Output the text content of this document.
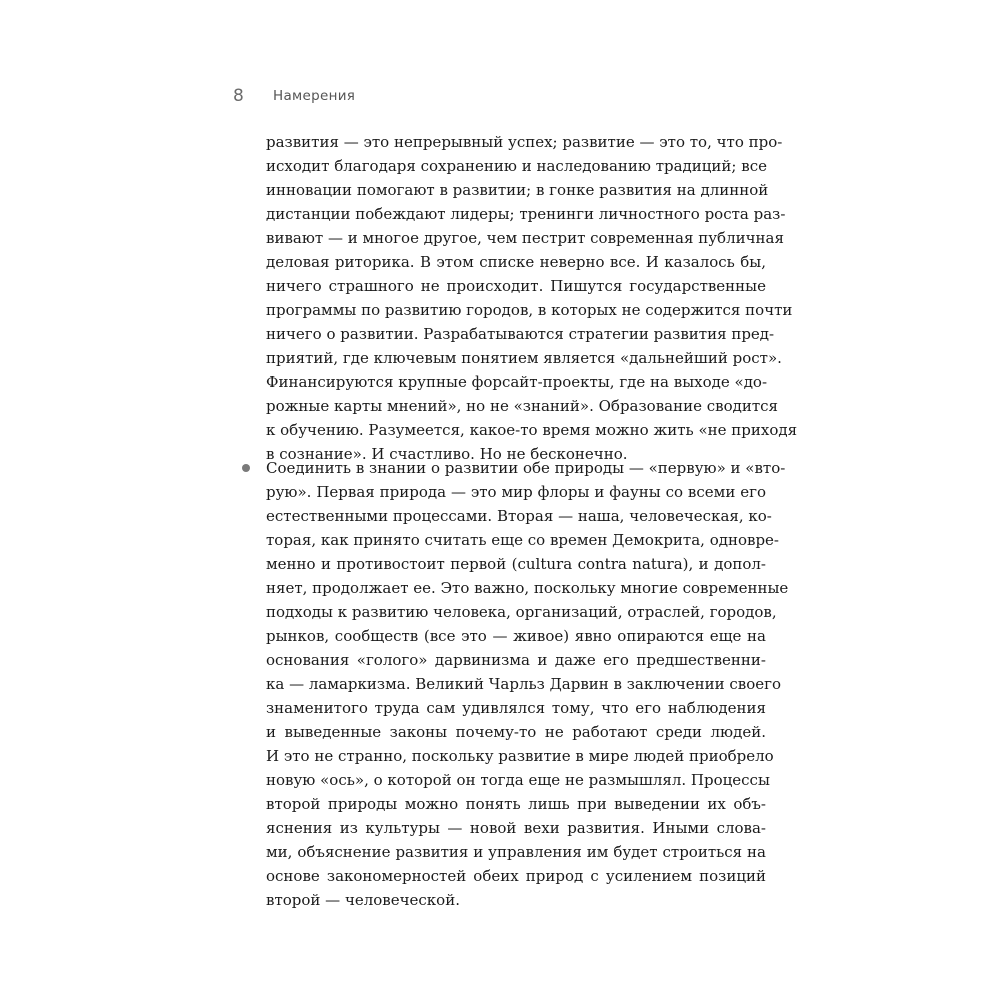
8	Намерения
развития — это непрерывный успех; развитие — это то, что про-
исходит благодаря сохранению и наследованию традиций; все
инновации помогают в развитии; в гонке развития на длинной
дистанции побеждают лидеры; тренинги личностного роста раз-
вивают — и многое другое, чем пестрит современная публичная
деловая риторика. В этом списке неверно все. И казалось бы,
ничего страшного не происходит. Пишутся государственные
программы по развитию городов, в которых не содержится почти
ничего о развитии. Разрабатываются стратегии развития пред-
приятий, где ключевым понятием является «дальнейший рост».
Финансируются крупные форсайт-проекты, где на выходе «до-
рожные карты мнений», но не «знаний». Образование сводится
к обучению. Разумеется, какое-то время можно жить «не приходя
в сознание». И счастливо. Но не бесконечно.
Соединить в знании о развитии обе природы — «первую» и «вто-
рую». Первая природа — это мир флоры и фауны со всеми его
естественными процессами. Вторая — наша, человеческая, ко-
торая, как принято считать еще со времен Демокрита, одновре-
менно и противостоит первой (cultura contra natura), и допол-
няет, продолжает ее. Это важно, поскольку многие современные
подходы к развитию человека, организаций, отраслей, городов,
рынков, сообществ (все это — живое) явно опираются еще на
основания «голого» дарвинизма и даже его предшественни-
ка — ламаркизма. Великий Чарльз Дарвин в заключении своего
знаменитого труда сам удивлялся тому, что его наблюдения
и выведенные законы почему-то не работают среди людей.
И это не странно, поскольку развитие в мире людей приобрело
новую «ось», о которой он тогда еще не размышлял. Процессы
второй природы можно понять лишь при выведении их объ-
яснения из культуры — новой вехи развития. Иными слова-
ми, объяснение развития и управления им будет строиться на
основе закономерностей обеих природ с усилением позиций
второй — человеческой.
